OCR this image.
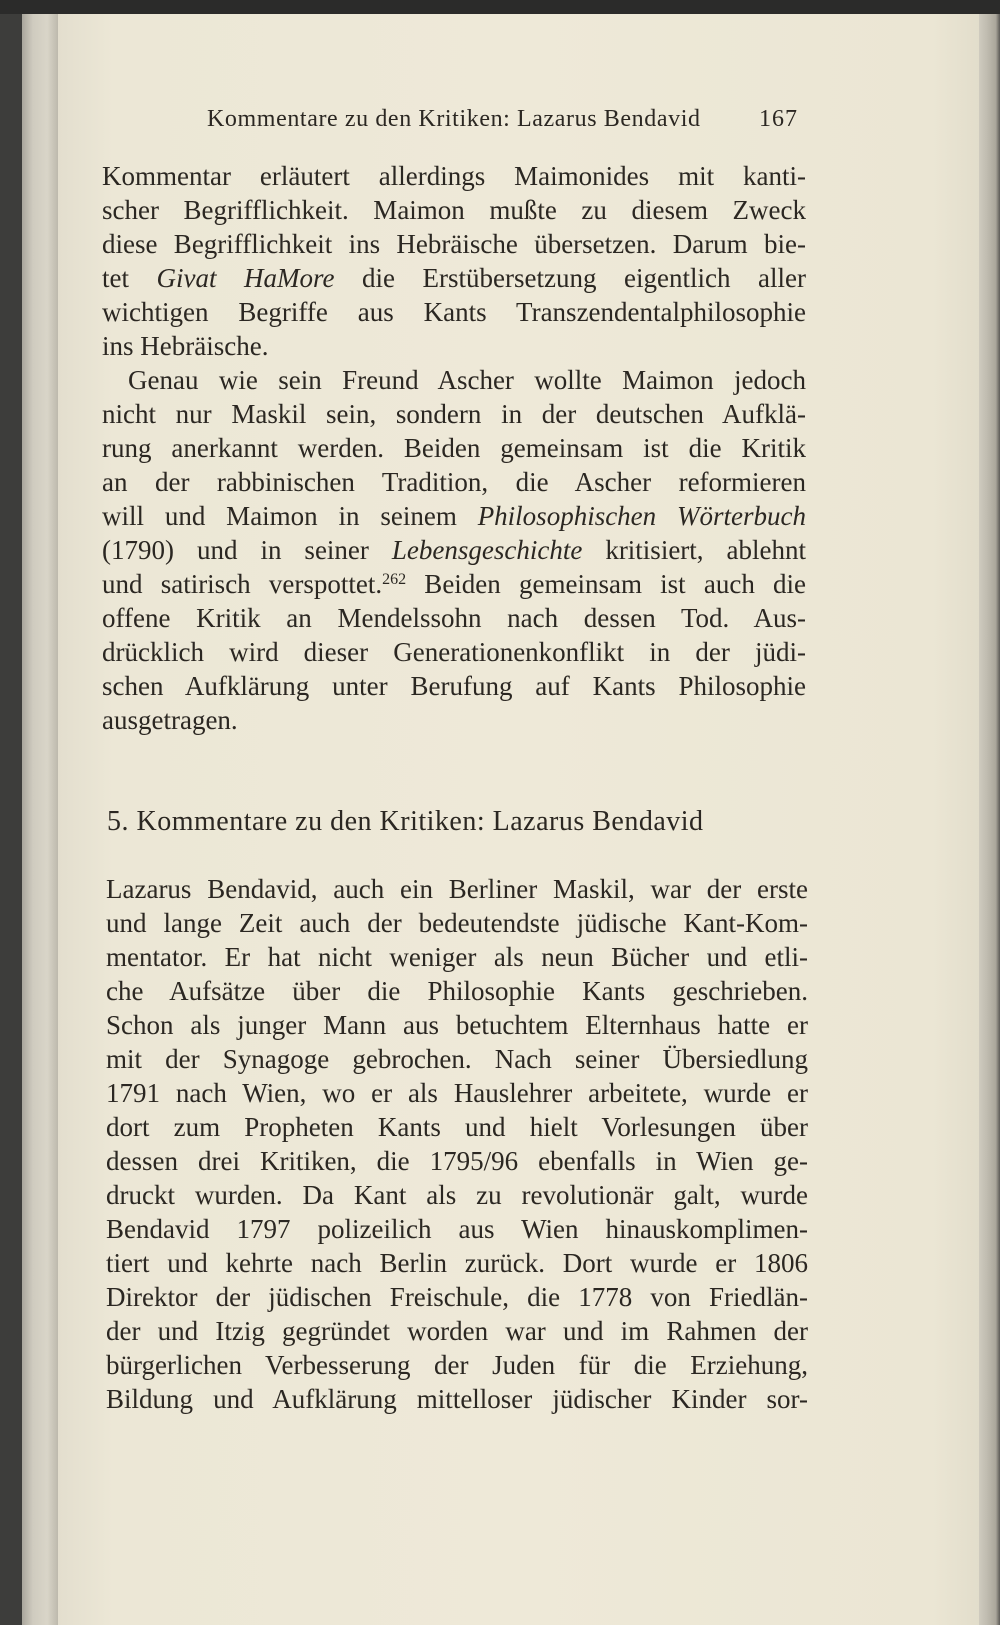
Kommentare zu den Kritiken: Lazarus Bendavid	167
Kommentar erläutert allerdings Maimonides mit kanti-
scher Begrifflichkeit. Maimon mußte zu diesem Zweck
diese Begrifflichkeit ins Hebräische übersetzen. Darum bie-
tet Givat HaMore die Erstübersetzung eigentlich aller
wichtigen Begriffe aus Kants Transzendentalphilosophie
ins Hebräische.
Genau wie sein Freund Ascher wollte Maimon jedoch
nicht nur Maskil sein, sondern in der deutschen Aufklä-
rung anerkannt werden. Beiden gemeinsam ist die Kritik
an der rabbinischen Tradition, die Ascher reformieren
will und Maimon in seinem Philosophischen Wörterbuch
(1790) und in seiner Lebensgeschichte kritisiert, ablehnt
und satirisch verspottet.$^{262}$ Beiden gemeinsam ist auch die
offene Kritik an Mendelssohn nach dessen Tod. Aus-
drücklich wird dieser Generationenkonflikt in der jüdi-
schen Aufklärung unter Berufung auf Kants Philosophie
ausgetragen.
5. Kommentare zu den Kritiken: Lazarus Bendavid
Lazarus Bendavid, auch ein Berliner Maskil, war der erste
und lange Zeit auch der bedeutendste jüdische Kant-Kom-
mentator. Er hat nicht weniger als neun Bücher und etli-
che Aufsätze über die Philosophie Kants geschrieben.
Schon als junger Mann aus betuchtem Elternhaus hatte er
mit der Synagoge gebrochen. Nach seiner Übersiedlung
1791 nach Wien, wo er als Hauslehrer arbeitete, wurde er
dort zum Propheten Kants und hielt Vorlesungen über
dessen drei Kritiken, die 1795/96 ebenfalls in Wien ge-
druckt wurden. Da Kant als zu revolutionär galt, wurde
Bendavid 1797 polizeilich aus Wien hinauskomplimen-
tiert und kehrte nach Berlin zurück. Dort wurde er 1806
Direktor der jüdischen Freischule, die 1778 von Friedlän-
der und Itzig gegründet worden war und im Rahmen der
bürgerlichen Verbesserung der Juden für die Erziehung,
Bildung und Aufklärung mittelloser jüdischer Kinder sor-
